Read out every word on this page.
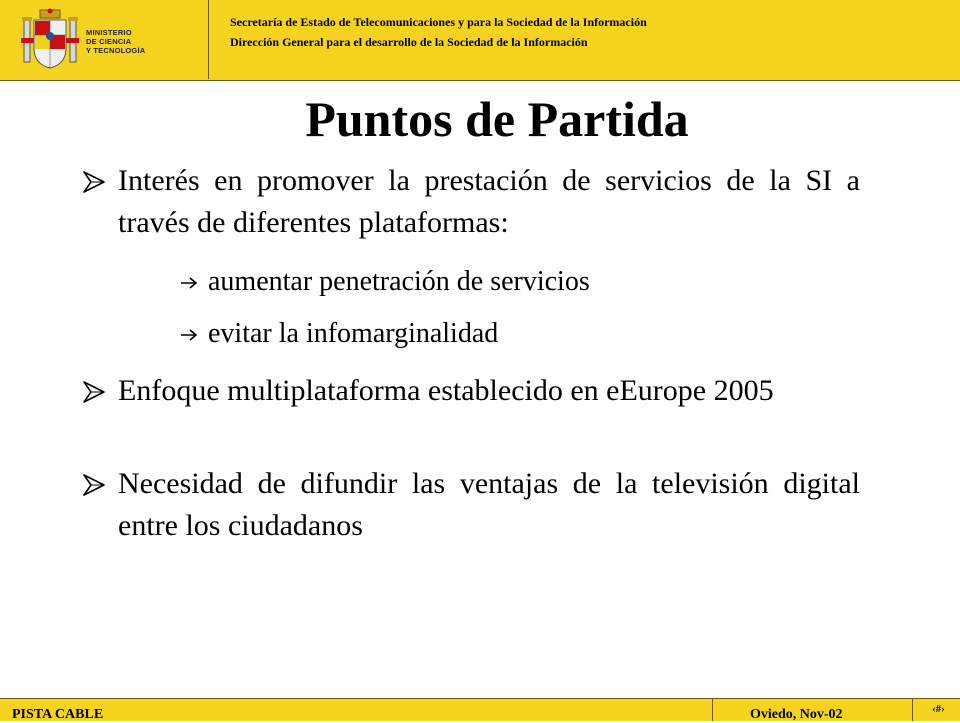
MINISTERIO
DE CIENCIA
Y TECNOLOGÍA
Secretaría de Estado de Telecomunicaciones y para la Sociedad de la Información
Dirección General para el desarrollo de la Sociedad de la Información
Puntos de Partida
Interés en promover la prestación de servicios de la SI a través de diferentes plataformas:
aumentar penetración de servicios
evitar la infomarginalidad
Enfoque multiplataforma establecido en eEurope 2005
Necesidad de difundir las ventajas de la televisión digital entre los ciudadanos
PISTA CABLE	Oviedo, Nov-02	‹#›
